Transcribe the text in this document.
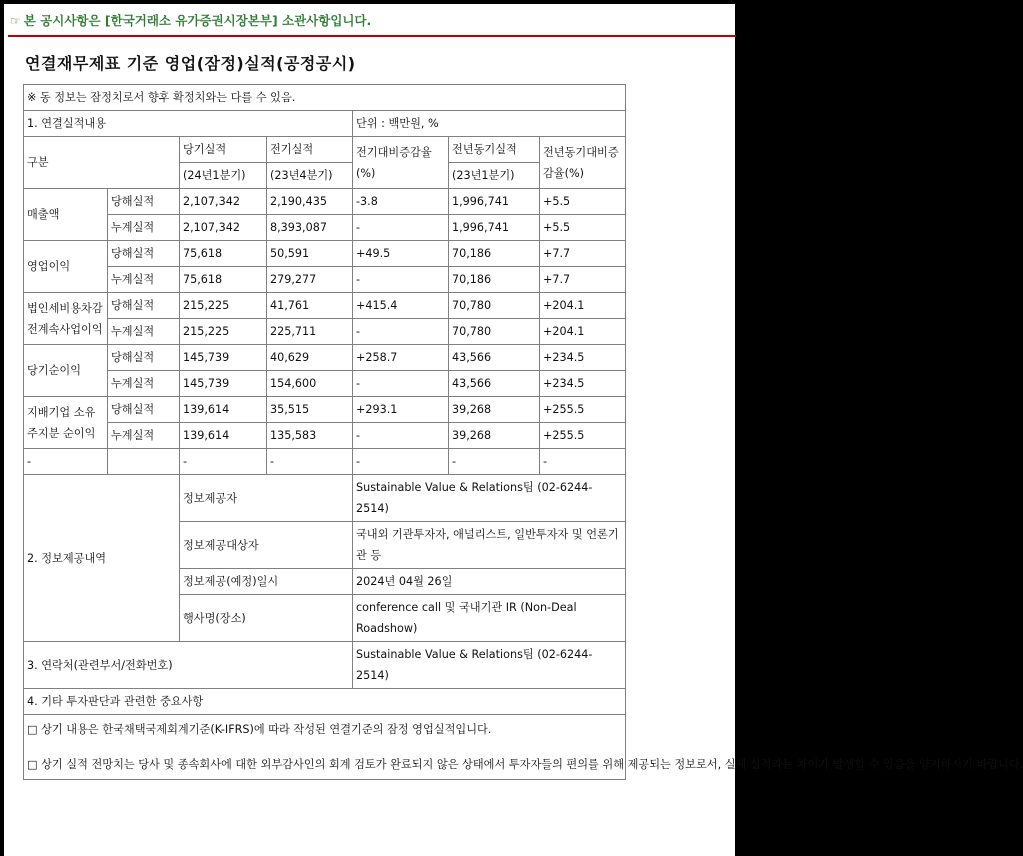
☞ 본 공시사항은 [한국거래소 유가증권시장본부] 소관사항입니다.
연결재무제표 기준 영업(잠정)실적(공정공시)
※ 동 정보는 잠정치로서 향후 확정치와는 다를 수 있음.						
1. 연결실적내용				단위 : 백만원, %		
구분		당기실적	전기실적	전기대비증감율(%)	전년동기실적	전년동기대비증감율(%)
		(24년1분기)	(23년4분기)		(23년1분기)	
매출액	당해실적	2,107,342	2,190,435	-3.8	1,996,741	+5.5
	누계실적	2,107,342	8,393,087	-	1,996,741	+5.5
영업이익	당해실적	75,618	50,591	+49.5	70,186	+7.7
	누계실적	75,618	279,277	-	70,186	+7.7
법인세비용차감전계속사업이익	당해실적	215,225	41,761	+415.4	70,780	+204.1
	누계실적	215,225	225,711	-	70,780	+204.1
당기순이익	당해실적	145,739	40,629	+258.7	43,566	+234.5
	누계실적	145,739	154,600	-	43,566	+234.5
지배기업 소유주지분 순이익	당해실적	139,614	35,515	+293.1	39,268	+255.5
	누계실적	139,614	135,583	-	39,268	+255.5
-		-	-	-	-	-
2. 정보제공내역		정보제공자		Sustainable Value & Relations팀 (02-6244-2514)		
		정보제공대상자		국내외 기관투자자, 애널리스트, 일반투자자 및 언론기관 등		
		정보제공(예정)일시		2024년 04월 26일		
		행사명(장소)		conference call 및 국내기관 IR (Non-Deal Roadshow)		
3. 연락처(관련부서/전화번호)				Sustainable Value & Relations팀 (02-6244-2514)		
4. 기타 투자판단과 관련한 중요사항						

□ 상기 내용은 한국채택국제회계기준(K-IFRS)에 따라 작성된 연결기준의 잠정 영업실적입니다.
□ 상기 실적 전망치는 당사 및 종속회사에 대한 외부감사인의 회계 검토가 완료되지 않은 상태에서 투자자들의 편의를 위해 제공되는 정보로서, 실제 실적과는 차이가 발생할 수 있음을 양지하시기 바랍니다.						
